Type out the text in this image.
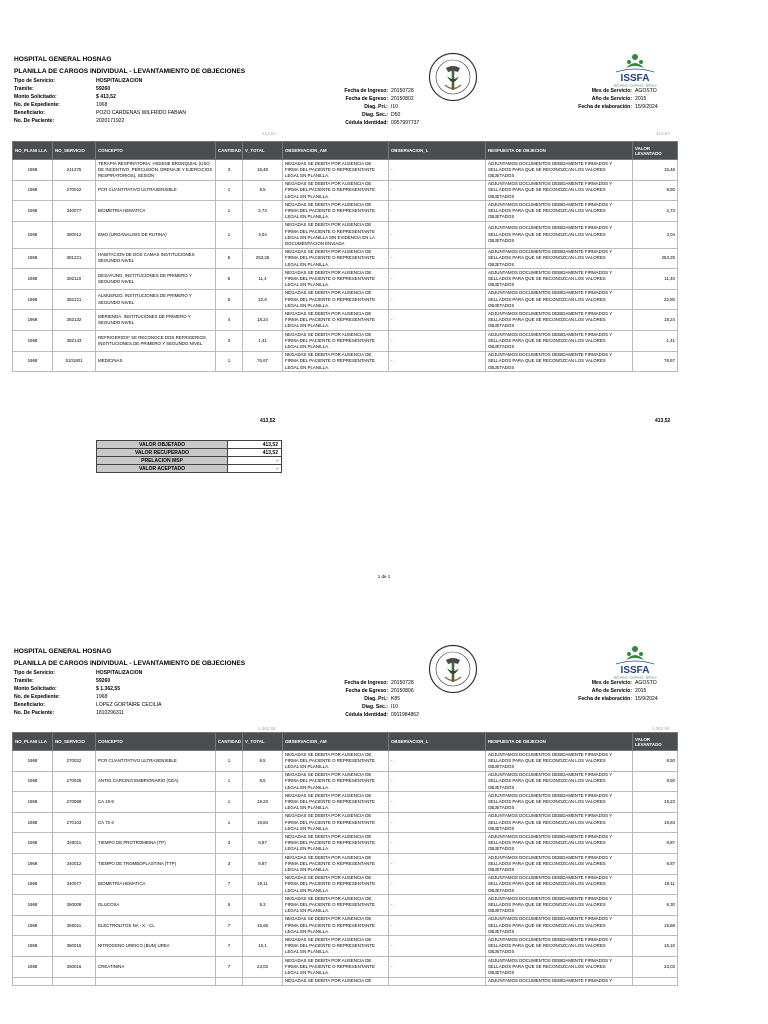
HOSPITAL GENERAL HOSNAG
PLANILLA DE CARGOS INDIVIDUAL - LEVANTAMIENTO DE OBJECIONES
Tipo de Servicio:	HOSPITALIZACION
Trámite:	59260
Monto Solicitado:	$ 413,52
No. de Expediente:	1968
Beneficiario:	POZO CARDENAS WILFRIDO FABIAN
No. De Paciente:	2020171922
Fecha de Ingreso: 20150728
Fecha de Egreso: 20150802
Diag. Pri.: I10
Diag. Sec.: D50
Cédula Identidad: 0957997737
Mes de Servicio: AGOSTO
Año de Servicio: 2015
Fecha de elaboración: 15/9/2024
ISSFA
SEGURIDAD · CONFIANZA · SERVICIO
413,52	413,52
NO_PLANI LLA	NO_SERVICIO	CONCEPTO	CANTIDAD	V_TOTAL	OBSERVACION_AM	OBSERVACION_L	RESPUESTA DE OBJECION	VALOR LEVANTADO
1968	241275	TERAPIA RESPIRATORIA: HIGIENE BRONQUIAL (USO DE INCENTIVO, PERCUSIÓN, DRENAJE Y EJERCICIOS RESPIRATORIOS), SESIÓN	3	15,48	NEGADAS SE DEBITA POR AUSENCIA DE FIRMA DEL PACIENTE O REPRESENTANTE LEGAL EN PLANILLA.	-	ADJUNTAMOS DOCUMENTOS DEBIDAMENTE FIRMADOS Y SELLADOS PARA QUE SE RECONOZCAN LOS VALORES OBJETADOS	15,48
1968	270022	PCR CUANTITATIVO ULTRASENSIBLE	1	8,5	NEGADAS SE DEBITA POR AUSENCIA DE FIRMA DEL PACIENTE O REPRESENTANTE LEGAL EN PLANILLA.	-	ADJUNTAMOS DOCUMENTOS DEBIDAMENTE FIRMADOS Y SELLADOS PARA QUE SE RECONOZCAN LOS VALORES OBJETADOS	8,50
1968	340077	BIOMETRIA HEMATICA	1	2,73	NEGADAS SE DEBITA POR AUSENCIA DE FIRMA DEL PACIENTE O REPRESENTANTE LEGAL EN PLANILLA.	-	ADJUNTAMOS DOCUMENTOS DEBIDAMENTE FIRMADOS Y SELLADOS PARA QUE SE RECONOZCAN LOS VALORES OBJETADOS	2,73
1968	380012	EMO (UROANALISIS DE RUTINA)	1	3,04	NEGADAS SE DEBITA POR AUSENCIA DE FIRMA DEL PACIENTE O REPRESENTANTE LEGAL EN PLANILLA SIN EVIDENCIA EN LA DOCUMENTACION ENVIADA	-	ADJUNTAMOS DOCUMENTOS DEBIDAMENTE FIRMADOS Y SELLADOS PARA QUE SE RECONOZCAN LOS VALORES OBJETADOS	3,04
1968	381221	HABITACION DE DOS CAMAS INSTITUCIONES SEGUNDO NIVEL	5	253,25	NEGADAS SE DEBITA POR AUSENCIA DE FIRMA DEL PACIENTE O REPRESENTANTE LEGAL EN PLANILLA.	-	ADJUNTAMOS DOCUMENTOS DEBIDAMENTE FIRMADOS Y SELLADOS PARA QUE SE RECONOZCAN LOS VALORES OBJETADOS	253,25
1968	382110	DESAYUNO. INSTITUCIONES DE PRIMERO Y SEGUNDO NIVEL	5	11,4	NEGADAS SE DEBITA POR AUSENCIA DE FIRMA DEL PACIENTE O REPRESENTANTE LEGAL EN PLANILLA.	-	ADJUNTAMOS DOCUMENTOS DEBIDAMENTE FIRMADOS Y SELLADOS PARA QUE SE RECONOZCAN LOS VALORES OBJETADOS	11,40
1968	382121	ALMUERZO. INSTITUCIONES DE PRIMERO Y SEGUNDO NIVEL	5	22,8	NEGADAS SE DEBITA POR AUSENCIA DE FIRMA DEL PACIENTE O REPRESENTANTE LEGAL EN PLANILLA.	-	ADJUNTAMOS DOCUMENTOS DEBIDAMENTE FIRMADOS Y SELLADOS PARA QUE SE RECONOZCAN LOS VALORES OBJETADOS	22,80
1968	382132	MERIENDA. INSTITUCIONES DE PRIMERO Y SEGUNDO NIVEL	4	18,24	NEGADAS SE DEBITA POR AUSENCIA DE FIRMA DEL PACIENTE O REPRESENTANTE LEGAL EN PLANILLA.	-	ADJUNTAMOS DOCUMENTOS DEBIDAMENTE FIRMADOS Y SELLADOS PARA QUE SE RECONOZCAN LOS VALORES OBJETADOS	18,24
1968	382143	REFRIGERIOS* SE RECONOCE DOS REFRIGERIOS. INSTITUCIONES DE PRIMERO Y SEGUNDO NIVEL	3	1,41	NEGADAS SE DEBITA POR AUSENCIA DE FIRMA DEL PACIENTE O REPRESENTANTE LEGAL EN PLANILLA.	-	ADJUNTAMOS DOCUMENTOS DEBIDAMENTE FIRMADOS Y SELLADOS PARA QUE SE RECONOZCAN LOS VALORES OBJETADOS	1,41
1968	5101801	MEDICINAS	1	76,67	NEGADAS SE DEBITA POR AUSENCIA DE FIRMA DEL PACIENTE O REPRESENTANTE LEGAL EN PLANILLA.	-	ADJUNTAMOS DOCUMENTOS DEBIDAMENTE FIRMADOS Y SELLADOS PARA QUE SE RECONOZCAN LOS VALORES OBJETADOS	76,67
413,52	413,52
VALOR OBJETADO	413,52
VALOR RECUPERADO	413,52
PRELACION MSP	-
VALOR ACEPTADO	-
1 de 1
HOSPITAL GENERAL HOSNAG
PLANILLA DE CARGOS INDIVIDUAL - LEVANTAMIENTO DE OBJECIONES
Tipo de Servicio:	HOSPITALIZACION
Trámite:	59260
Monto Solicitado:	$ 1.362,55
No. de Expediente:	1968
Beneficiario:	LOPEZ GORTAIRE CECILIA
No. De Paciente:	1810296311
Fecha de Ingreso: 20150728
Fecha de Egreso: 20150806
Diag. Pri.: K85
Diag. Sec.: I10
Cédula Identidad: 0911984862
Mes de Servicio: AGOSTO
Año de Servicio: 2015
Fecha de elaboración: 15/9/2024
ISSFA
SEGURIDAD · CONFIANZA · SERVICIO
1.362,55	1.362,55
NO_PLANI LLA	NO_SERVICIO	CONCEPTO	CANTIDAD	V_TOTAL	OBSERVACION_AM	OBSERVACION_L	RESPUESTA DE OBJECION	VALOR LEVANTADO
1968	270022	PCR CUANTITATIVO ULTRASENSIBLE	1	8,5	NEGADAS SE DEBITA POR AUSENCIA DE FIRMA DEL PACIENTE O REPRESENTANTE LEGAL EN PLANILLA.	-	ADJUNTAMOS DOCUMENTOS DEBIDAMENTE FIRMADOS Y SELLADOS PARA QUE SE RECONOZCAN LOS VALORES OBJETADOS	8,50
1968	270026	ANTIG.CARCINO EMBRIONARIO (CEA)	1	8,5	NEGADAS SE DEBITA POR AUSENCIA DE FIRMA DEL PACIENTE O REPRESENTANTE LEGAL EN PLANILLA.	-	ADJUNTAMOS DOCUMENTOS DEBIDAMENTE FIRMADOS Y SELLADOS PARA QUE SE RECONOZCAN LOS VALORES OBJETADOS	8,50
1968	270068	CA 19-9	1	19,23	NEGADAS SE DEBITA POR AUSENCIA DE FIRMA DEL PACIENTE O REPRESENTANTE LEGAL EN PLANILLA.	-	ADJUNTAMOS DOCUMENTOS DEBIDAMENTE FIRMADOS Y SELLADOS PARA QUE SE RECONOZCAN LOS VALORES OBJETADOS	19,23
1968	270103	CA 72-4	1	19,84	NEGADAS SE DEBITA POR AUSENCIA DE FIRMA DEL PACIENTE O REPRESENTANTE LEGAL EN PLANILLA.	-	ADJUNTAMOS DOCUMENTOS DEBIDAMENTE FIRMADOS Y SELLADOS PARA QUE SE RECONOZCAN LOS VALORES OBJETADOS	19,84
1968	340011	TIEMPO DE PROTROMBINA (TP)	3	9,87	NEGADAS SE DEBITA POR AUSENCIA DE FIRMA DEL PACIENTE O REPRESENTANTE LEGAL EN PLANILLA.	-	ADJUNTAMOS DOCUMENTOS DEBIDAMENTE FIRMADOS Y SELLADOS PARA QUE SE RECONOZCAN LOS VALORES OBJETADOS	9,87
1968	340012	TIEMPO DE TROMBOPLASTINA (TTP)	3	9,87	NEGADAS SE DEBITA POR AUSENCIA DE FIRMA DEL PACIENTE O REPRESENTANTE LEGAL EN PLANILLA.	-	ADJUNTAMOS DOCUMENTOS DEBIDAMENTE FIRMADOS Y SELLADOS PARA QUE SE RECONOZCAN LOS VALORES OBJETADOS	9,87
1968	340077	BIOMETRIA HEMATICA	7	19,11	NEGADAS SE DEBITA POR AUSENCIA DE FIRMA DEL PACIENTE O REPRESENTANTE LEGAL EN PLANILLA.	-	ADJUNTAMOS DOCUMENTOS DEBIDAMENTE FIRMADOS Y SELLADOS PARA QUE SE RECONOZCAN LOS VALORES OBJETADOS	19,11
1968	360009	GLUCOSA	5	9,3	NEGADAS SE DEBITA POR AUSENCIA DE FIRMA DEL PACIENTE O REPRESENTANTE LEGAL EN PLANILLA.	-	ADJUNTAMOS DOCUMENTOS DEBIDAMENTE FIRMADOS Y SELLADOS PARA QUE SE RECONOZCAN LOS VALORES OBJETADOS	9,30
1968	360011	ELECTROLITOS NA - K - CL	7	15,68	NEGADAS SE DEBITA POR AUSENCIA DE FIRMA DEL PACIENTE O REPRESENTANTE LEGAL EN PLANILLA.	-	ADJUNTAMOS DOCUMENTOS DEBIDAMENTE FIRMADOS Y SELLADOS PARA QUE SE RECONOZCAN LOS VALORES OBJETADOS	15,68
1968	360015	NITROGENO UREICO (BUN) UREA	7	16,1	NEGADAS SE DEBITA POR AUSENCIA DE FIRMA DEL PACIENTE O REPRESENTANTE LEGAL EN PLANILLA.	-	ADJUNTAMOS DOCUMENTOS DEBIDAMENTE FIRMADOS Y SELLADOS PARA QUE SE RECONOZCAN LOS VALORES OBJETADOS	16,10
1968	360016	CREATININA	7	23,03	NEGADAS SE DEBITA POR AUSENCIA DE FIRMA DEL PACIENTE O REPRESENTANTE LEGAL EN PLANILLA.	-	ADJUNTAMOS DOCUMENTOS DEBIDAMENTE FIRMADOS Y SELLADOS PARA QUE SE RECONOZCAN LOS VALORES OBJETADOS	23,03
					NEGADAS SE DEBITA POR AUSENCIA DE		ADJUNTAMOS DOCUMENTOS DEBIDAMENTE FIRMADOS Y	
